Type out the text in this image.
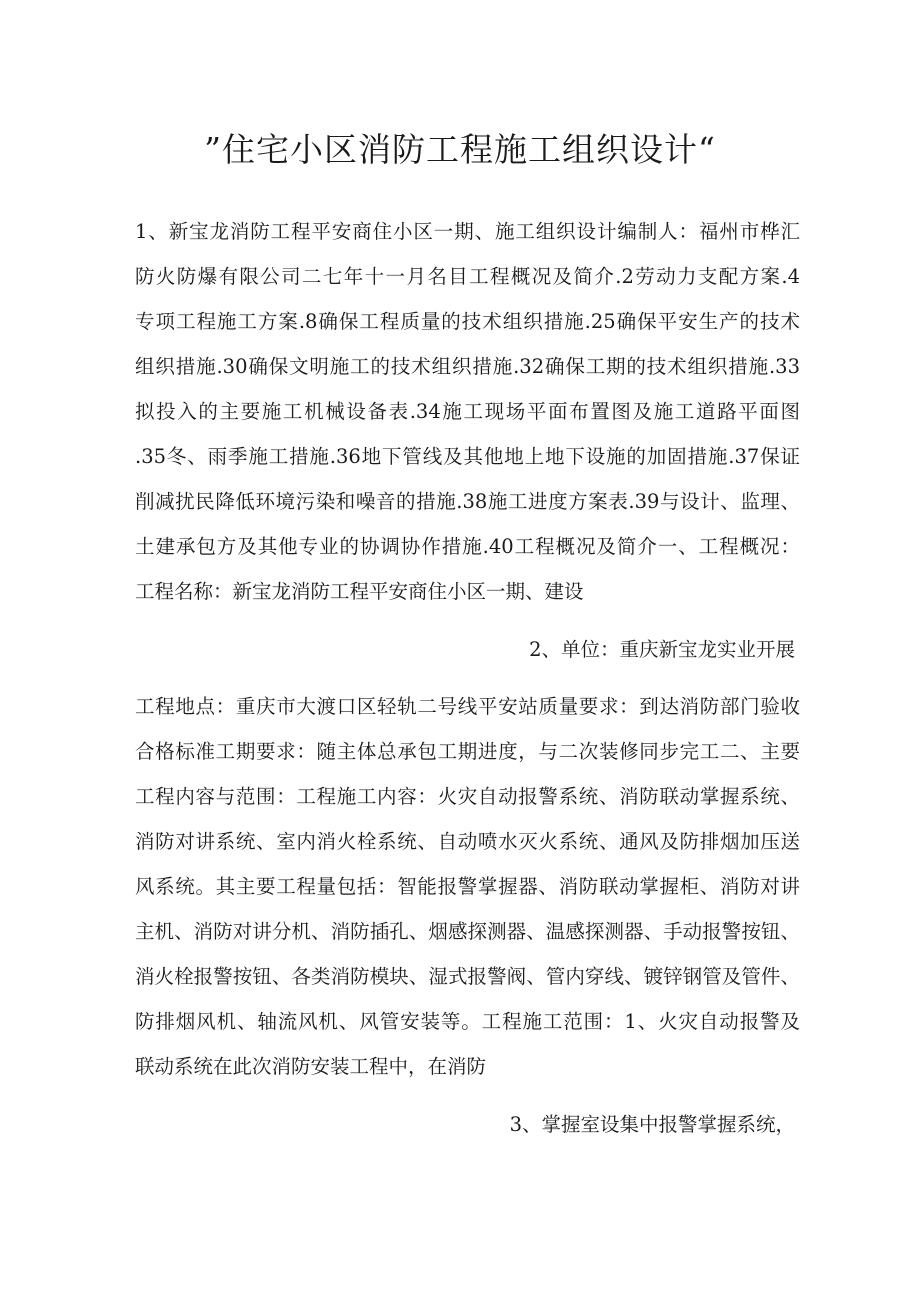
”住宅小区消防工程施工组织设计“
1、新宝龙消防工程平安商住小区一期、施工组织设计编制人：福州市桦汇
防火防爆有限公司二七年十一月名目工程概况及简介.2劳动力支配方案.4
专项工程施工方案.8确保工程质量的技术组织措施.25确保平安生产的技术
组织措施.30确保文明施工的技术组织措施.32确保工期的技术组织措施.33
拟投入的主要施工机械设备表.34施工现场平面布置图及施工道路平面图
.35冬、雨季施工措施.36地下管线及其他地上地下设施的加固措施.37保证
削减扰民降低环境污染和噪音的措施.38施工进度方案表.39与设计、监理、
土建承包方及其他专业的协调协作措施.40工程概况及简介一、工程概况：
工程名称：新宝龙消防工程平安商住小区一期、建设
2、单位：重庆新宝龙实业开展
工程地点：重庆市大渡口区轻轨二号线平安站质量要求：到达消防部门验收
合格标准工期要求：随主体总承包工期进度，与二次装修同步完工二、主要
工程内容与范围：工程施工内容：火灾自动报警系统、消防联动掌握系统、
消防对讲系统、室内消火栓系统、自动喷水灭火系统、通风及防排烟加压送
风系统。其主要工程量包括：智能报警掌握器、消防联动掌握柜、消防对讲
主机、消防对讲分机、消防插孔、烟感探测器、温感探测器、手动报警按钮、
消火栓报警按钮、各类消防模块、湿式报警阀、管内穿线、镀锌钢管及管件、
防排烟风机、轴流风机、风管安装等。工程施工范围：1、火灾自动报警及
联动系统在此次消防安装工程中，在消防
3、掌握室设集中报警掌握系统，
